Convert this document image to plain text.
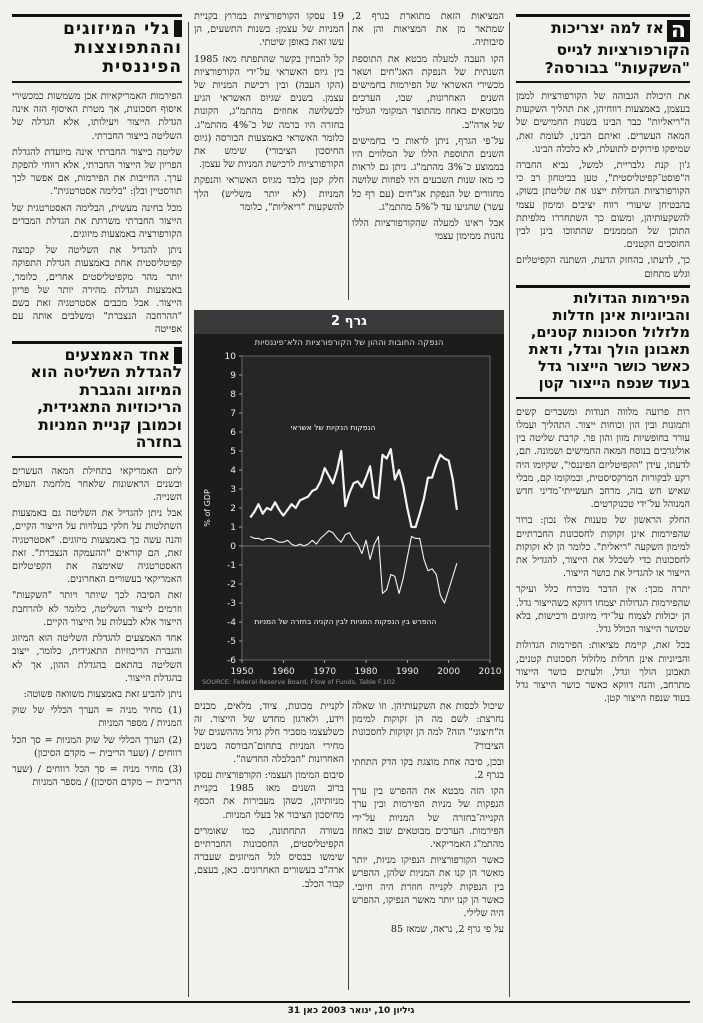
האז למה יצריכות הקורפורציות לגייס "השקעות" בבורסה?

את היכולת הגבוהה של הקורפורציות לממן בעצמן, באמצעות רווחיהן, את תהליך השקעות ה"ריאליות" כבר הבינו בשנות החמישים של המאה העשרים. ואיתם הבינו, לעומת זאת, שמיפקו פירוקים לתועלת, לא כלכלה הבינו.

ג'ון קנת גלבריית, למשל, נביא החברה ה"פוסט־קפיטליסטית", טען בביטחון רב כי הקורפורציות הגדולות ייצגו את שליטתן בשוק, בהבטיחן שיעורי רווח יציבים ומימון עצמי להשקעותיהן, ומשום כך השתחררו מלפיתת התוכן של המממנים שהתווכו בינן לבין החוסכים הקטנים.

כך, לדעתו, בהחזק הדעת, השתנה הקפיטליזם וגלש מתחום

הפירמות הגדולות והביוניות אינן חדלות מלזלול חסכונות קטנים, תאבונן הולך וגדל, ודאת כאשר כושר הייצור גדל בעוד שנפח הייצור קטן

רות פרועה מלווה תנודות ומשברים קשים ותמונות ובין הון וכוחות ייצור. התהליך ועמלו עורר בחופשיות מזון והון פר. קרבת שליטה בין אוליגרכים בנוסח המאה החמישים ושמונה. תם, לדעתו, עידן "הקפיטליזם הפיננסי", שקיומו היה רקע לבקורות המרקסיסטית, ובמקומו קם, מבלי שאיש חש בזה, מרחב תעשייתי־מדיני חדש המנוהל על־ידי טכנוקרטים.

החלק הראשון של טענות אלו נכון: ברור שהפירמות אינן זקוקות לחסכונות החברתיים למימון השקעה "ריאלית". כלומר הן לא זקוקות לחסכונות כדי לשכלל את הייצור, להגדיל את הייצור או להגדיל את כושר הייצור.

יתרה מכך: אין הדבר מוכרח כלל ועיקר שהפירמות הגדולות יצמחו דווקא כשהייצור גדל. הן יכולות לצמוח על־ידי מיזוגים ורכישות, בלא שכושר הייצור הכולל גדל.

בכל זאת, קיימת מציאות: הפירמות הגדולות והביוניות אינן חדלות מלזלול חסכונות קטנים, תאבונן הולך וגדל, ולעתים כושר הייצור מתרחב, והנה דווקא כאשר כושר הייצור גדל בעוד שנפח הייצור קטן.

המציאות הזאת מתוארת בגרף 2, שמתאר מן את המציאות והן את סיבותיה.

הקו העבה למעלה מבטא את התוספת השנתית של הנפקת האג"חים ושאר מכשירי האשראי של הפירמות בחמישים השנים האחרונות, שבו, הערכים מבוטאים כאחוז מהתוצר המקומי הגולמי של ארה"ב.

על־פי הגרף, ניתן לראות כי בחמישים השנים התוספת הללו של המלווים היו בממוצע כ־3% מהתמ"ג. ניתן גם לראות כי מאז שנות השבעים היו לפחות שלושה מחזורים של הנפקת אג"חים (עם רף כל עשר) שהגיעו עד ל־5% מהתמ"ג.

אבל ראינו למעלה שהקורפורציות הללו נהנות ממימון עצמי

19 עסקו הקורפורציות במרוץ בקניית המניות של עצמן: בשנות התשעים, הן עשו זאת באופן שיטתי.

קל להבחין בקשר שהתפתח מאז 1985 בין גיוס האשראי על־ידי הקורפורציות (הקו העבה) ובין רכישת המניות של עצמן. בשנים שגיוס האשראי הגיע לכשלושה אחוזים מהתמ"ג, הקונות בחזרה היו ברמה של כ־4% מהתמ"ג. כלומר האשראי באמצעות הבורסה (גיוס החיסכון הציבורי) שימש את הקורפורציות לרכישת המניות של עצמן.

חלק קטן בלבד מגיוס האשראי והנפקת המניות (לא יותר משליש) הלך להשקעות "ריאליות", כלומר

גרף 2
הנפקה החובות וההון של הקורפורציות הלא־פיננסיות
-6
-5
-4
-3
-2
-1
0
1
2
3
4
5
6
7
8
9
10
1950 1960 1970 1980 1990 2000 2010
% of GDP
הנפקות הנקיות של אשראי
ההפרש בין הנפקות המניות לבין הקניה בחזרה של המניות
SOURCE: Federal Reserve Board, Flow of Funds, Table F.102

שיכול לכסות את השקעותיהן. וזו שאלה נחרצת: לשם מה הן זקוקות למימון ה"חיצוני" הזה? למה הן זקוקות לחסכונות הציבור?

ובכן, סיבה אחת מוצגת בקו הדק התחתי בגרף 2.

הקו הזה מבטא את ההפרש בין ערך הנפקות של מניות הפירמות ובין ערך הקנייה־בחזרה של המניות על־ידי הפירמות. הערכים מבוטאים שוב כאחוז מהתמ"ג האמריקאי.

כאשר הקורפורציות הנפיקו מניות, יותר מאשר הן קנו את המניות שלהן, ההפרש בין הנפקות לקנייה חוזרת היה חיובי. כאשר הן קנו יותר מאשר הנפיקו, ההפרש היה שלילי.

על פי גרף 2, נראה, שמאז 85

לקניית מכונות, ציוד, מלאים, מבנים וידע, ולארגון מחדש של הייצור. זה כשלעצמו מסביר חלק גדול מההשגים של מחירי המניות בתחום־הבורסה בשנים האחרונות "הבלבלה החדשה".

סיבום המימון העצמי: הקורפורציות עסקו ברוב השנים מאז 1985 בקניית מניותיהן, כשהן מעבירות את הכסף מחיסכון הציבור אל בעלי המניות.

בשורה התחתונה, כמו שאומרים הקפיטליסטים, החסכונות החברתיים שימשו כבסיס לגל המיזוגים שעברה ארה"ב בעשורים האחרונים. כאן, בעצם, קבור הכלב.

גלי המיזוגים וההתפוצצות הפיננסית

הפירמות האמריקאיות אכן משמשות כמכשירי איסוף חסכונות, אך מטרת האיסוף הזה אינה הגדלת הייצור ויעילותו, אלא הגדלה של השליטה בייצור החברתי.

שליטה בייצור החברתי אינה מיועדת להגדלת הפריון של הייצור החברתי, אלא רווחי להפקת ערך. החייבות את הפירמות, אם אפשר לכך תורסטיין ובלן: "בלימה אסטרטגית".

מכל בחינה מעשית, הבלימה האסטרטגית של הייצור החברתי משרתת את הגדלת המבדים הקורפורציה באמצעות מיזוגים.

ניתן להגדיל את השליטה של קבוצה קפיטליסטית אחת באמצעות הגדלת התפוקה יותר מהר מקפיטליסטים אחרים, כלומר, באמצעות הגדלת מהירה יותר של פריון הייצור. אבל מכבים אסטרטגיה זאת בשם "ההרחבה הנצברת" ומשלבים אותה עם אפייטה

אחד האמצעים להגדלת השליטה הוא המיזוג והגברת הריכוזיות התאגידית, וכמובן קניית המניות בחזרה

ליזם האמריקאי בתחילת המאה העשרים ובשנים הראשונות שלאחר מלחמת העולם השנייה.

אבל ניתן להגדיל את השליטה גם באמצעות השתלטות על חלקי בעלויות על הייצור הקיים, והנה עשה כך באמצעות מיזוגים. "אסטרטגיה זאת, הם קוראים "ההעמקה הנצברת". זאת האסטרטגיה שאימצה את הקפיטליזם האמריקאי בעשורים האחרונים.

זאת הסיבה לכך שיותר ויותר "השקעות" וזרמים לייצור השליטה, כלומר לא להרחבת הייצור אלא לבעלות על הייצור הקיים.

אחד האמצעים להגדלת השליטה הוא המיזוג והגברת הריכוזיות התאגידית, כלומר, ייצוב השליטה בהתאם בהגדלת ההון, אך לא בהגדלת הייצור.

ניתן להביע זאת באמצעות משוואה פשוטה:

(1) מחיר מניה = הערך הכללי של שוק המניות / מספר המניות

(2) הערך הכללי של שוק המניות = סך הכל רווחים / (שער הריבית − מקדם הסיכון)

(3) מחיר מניה = סך הכל רווחים / (שער הריבית − מקדם הסיכון) / מספר המניות

גיליון 10, ינואר 2003 כאן 31
